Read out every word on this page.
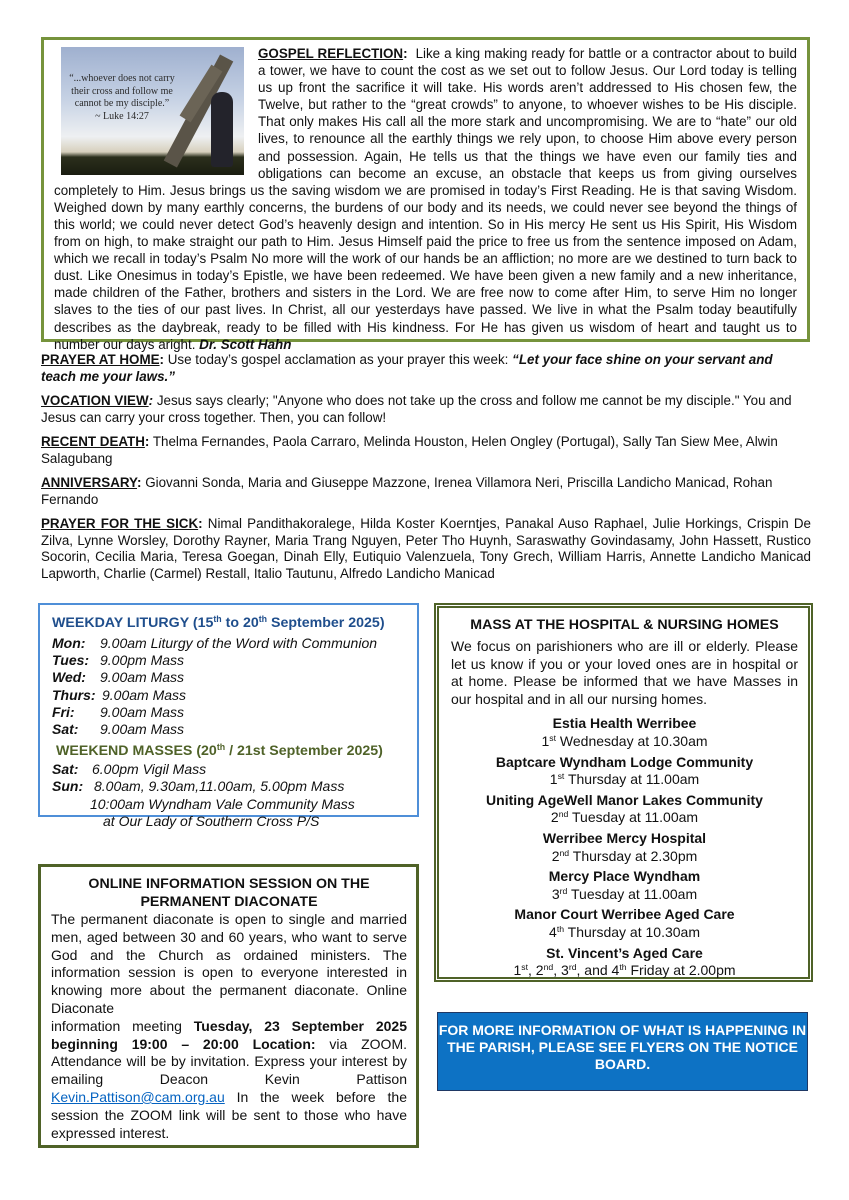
“...whoever does not carry their cross and follow me cannot be my disciple.”
~ Luke 14:27
GOSPEL REFLECTION:  Like a king making ready for battle or a contractor about to build a tower, we have to count the cost as we set out to follow Jesus. Our Lord today is telling us up front the sacrifice it will take. His words aren’t addressed to His chosen few, the Twelve, but rather to the “great crowds” to anyone, to whoever wishes to be His disciple. That only makes His call all the more stark and uncompromising. We are to “hate” our old lives, to renounce all the earthly things we rely upon, to choose Him above every person and possession. Again, He tells us that the things we have even our family ties and obligations can become an excuse, an obstacle that keeps us from giving ourselves completely to Him. Jesus brings us the saving wisdom we are promised in today’s First Reading. He is that saving Wisdom. Weighed down by many earthly concerns, the burdens of our body and its needs, we could never see beyond the things of this world; we could never detect God’s heavenly design and intention. So in His mercy He sent us His Spirit, His Wisdom from on high, to make straight our path to Him. Jesus Himself paid the price to free us from the sentence imposed on Adam, which we recall in today’s Psalm No more will the work of our hands be an affliction; no more are we destined to turn back to dust. Like Onesimus in today’s Epistle, we have been redeemed. We have been given a new family and a new inheritance, made children of the Father, brothers and sisters in the Lord. We are free now to come after Him, to serve Him no longer slaves to the ties of our past lives. In Christ, all our yesterdays have passed. We live in what the Psalm today beautifully describes as the daybreak, ready to be filled with His kindness. For He has given us wisdom of heart and taught us to number our days aright. Dr. Scott Hahn

PRAYER AT HOME: Use today’s gospel acclamation as your prayer this week: “Let your face shine on your servant and teach me your laws.”

VOCATION VIEW: Jesus says clearly; "Anyone who does not take up the cross and follow me cannot be my disciple." You and Jesus can carry your cross together. Then, you can follow!

RECENT DEATH: Thelma Fernandes, Paola Carraro, Melinda Houston, Helen Ongley (Portugal), Sally Tan Siew Mee, Alwin Salagubang

ANNIVERSARY: Giovanni Sonda, Maria and Giuseppe Mazzone, Irenea Villamora Neri, Priscilla Landicho Manicad, Rohan Fernando

PRAYER FOR THE SICK: Nimal Pandithakoralege, Hilda Koster Koerntjes, Panakal Auso Raphael, Julie Horkings, Crispin De Zilva, Lynne Worsley, Dorothy Rayner, Maria Trang Nguyen, Peter Tho Huynh, Saraswathy Govindasamy, John Hassett, Rustico Socorin, Cecilia Maria, Teresa Goegan, Dinah Elly, Eutiquio Valenzuela, Tony Grech, William Harris, Annette Landicho Manicad Lapworth, Charlie (Carmel) Restall, Italio Tautunu, Alfredo Landicho Manicad

WEEKDAY LITURGY (15th to 20th September 2025)
Mon: 9.00am Liturgy of the Word with Communion
Tues: 9.00pm Mass
Wed: 9.00am Mass
Thurs: 9.00am Mass
Fri: 9.00am Mass
Sat: 9.00am Mass
WEEKEND MASSES (20th / 21st September 2025)
Sat: 6.00pm Vigil Mass
Sun: 8.00am, 9.30am,11.00am, 5.00pm Mass
10:00am Wyndham Vale Community Mass
at Our Lady of Southern Cross P/S
ONLINE INFORMATION SESSION ON THE PERMANENT DIACONATE
The permanent diaconate is open to single and married men, aged between 30 and 60 years, who want to serve God and the Church as ordained ministers. The information session is open to everyone interested in knowing more about the permanent diaconate. Online Diaconate
information meeting Tuesday, 23 September 2025 beginning 19:00 – 20:00 Location: via ZOOM. Attendance will be by invitation. Express your interest by emailing Deacon Kevin Pattison Kevin.Pattison@cam.org.au In the week before the session the ZOOM link will be sent to those who have expressed interest.
MASS AT THE HOSPITAL & NURSING HOMES
We focus on parishioners who are ill or elderly. Please let us know if you or your loved ones are in hospital or at home. Please be informed that we have Masses in our hospital and in all our nursing homes.
Estia Health Werribee
1st Wednesday at 10.30am
Baptcare Wyndham Lodge Community
1st Thursday at 11.00am
Uniting AgeWell Manor Lakes Community
2nd Tuesday at 11.00am
Werribee Mercy Hospital
2nd Thursday at 2.30pm
Mercy Place Wyndham
3rd Tuesday at 11.00am
Manor Court Werribee Aged Care
4th Thursday at 10.30am
St. Vincent’s Aged Care
1st, 2nd, 3rd, and 4th Friday at 2.00pm
FOR MORE INFORMATION OF WHAT IS HAPPENING IN THE PARISH, PLEASE SEE FLYERS ON THE NOTICE BOARD.
